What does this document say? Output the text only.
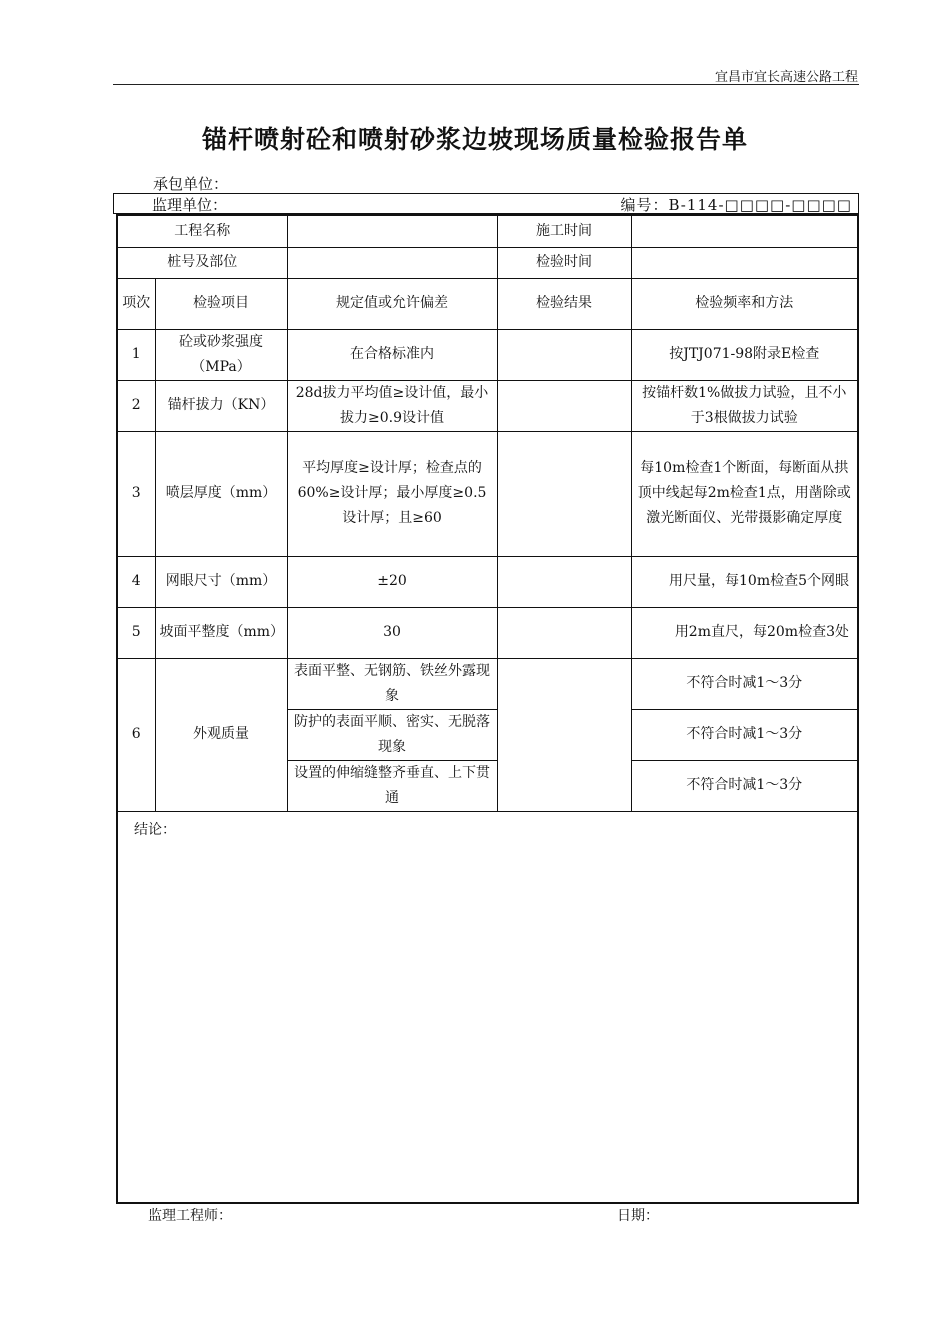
宜昌市宜长高速公路工程
锚杆喷射砼和喷射砂浆边坡现场质量检验报告单
承包单位：
监理单位：	编号：B-114-□□□□-□□□□
工程名称			施工时间	
桩号及部位			检验时间	
项次	检验项目	规定值或允许偏差	检验结果	检验频率和方法
1	砼或砂浆强度（MPa）	在合格标准内		按JTJ071-98附录E检查
2	锚杆拔力（KN）	28d拔力平均值≥设计值，最小拔力≥0.9设计值		按锚杆数1%做拔力试验，且不小于3根做拔力试验
3	喷层厚度（mm）	平均厚度≥设计厚；检查点的60%≥设计厚；最小厚度≥0.5设计厚；且≥60		每10m检查1个断面，每断面从拱顶中线起每2m检查1点，用凿除或激光断面仪、光带摄影确定厚度
4	网眼尺寸（mm）	±20		用尺量，每10m检查5个网眼
5	坡面平整度（mm）	30		用2m直尺，每20m检查3处
6	外观质量	表面平整、无钢筋、铁丝外露现象		不符合时减1～3分
		防护的表面平顺、密实、无脱落现象		不符合时减1～3分
		设置的伸缩缝整齐垂直、上下贯通		不符合时减1～3分
结论：				
监理工程师：	日期：
